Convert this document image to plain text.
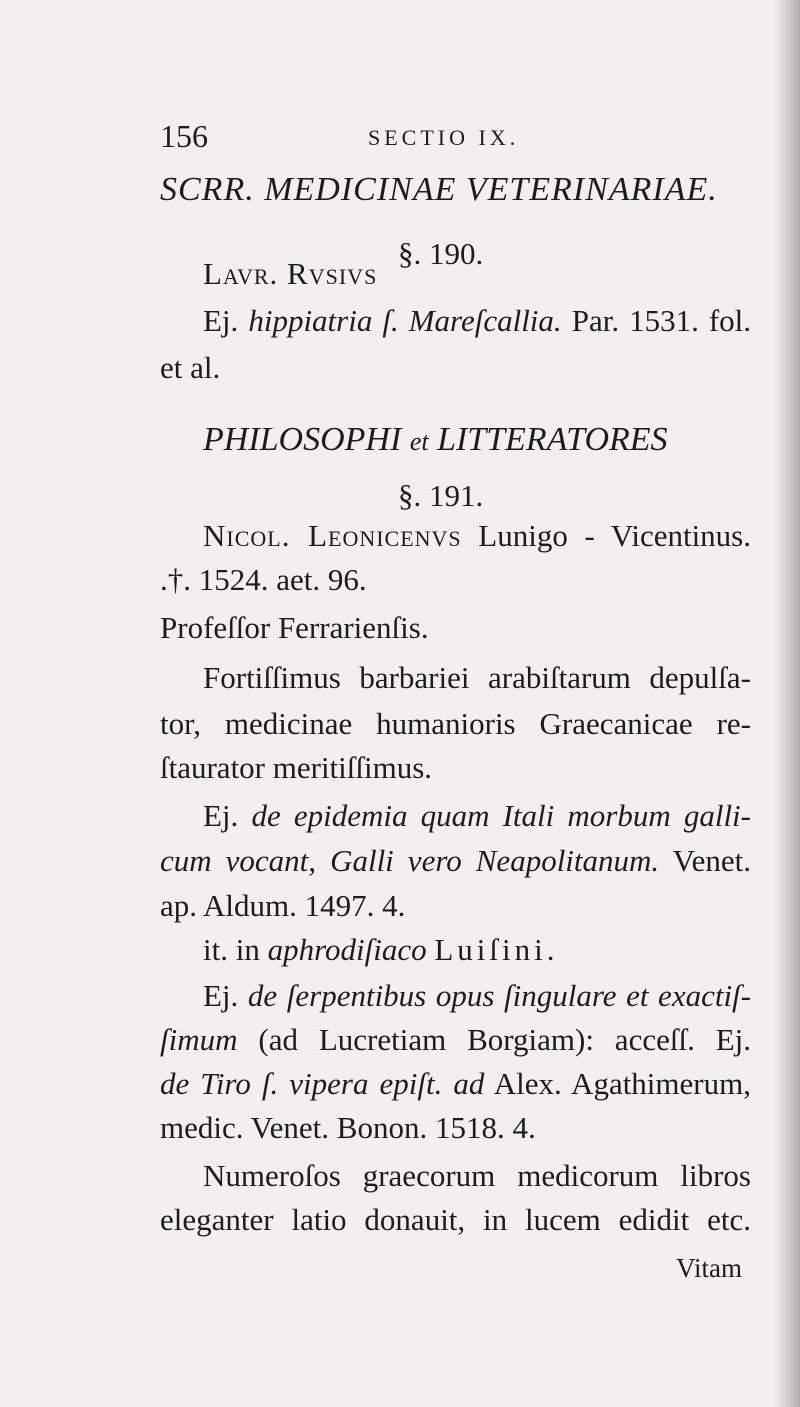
156	SECTIO IX.
SCRR. MEDICINAE VETERINARIAE.
§. 190.
Lavr. Rvsivs
Ej. hippiatria ſ. Mareſcallia. Par. 1531. fol.
et al.
PHILOSOPHI et LITTERATORES
§. 191.
Nicol. Leonicenvs Lunigo - Vicentinus.
.†. 1524. aet. 96.
Profeſſor Ferrarienſis.
Fortiſſimus barbariei arabiſtarum depulſa-
tor, medicinae humanioris Graecanicae re-
ſtaurator meritiſſimus.
Ej. de epidemia quam Itali morbum galli-
cum vocant, Galli vero Neapolitanum. Venet.
ap. Aldum. 1497. 4.
it. in aphrodiſiaco Luiſini.
Ej. de ſerpentibus opus ſingulare et exactiſ-
ſimum (ad Lucretiam Borgiam): acceſſ. Ej.
de Tiro ſ. vipera epiſt. ad Alex. Agathimerum,
medic. Venet. Bonon. 1518. 4.
Numeroſos graecorum medicorum libros
eleganter latio donauit, in lucem edidit etc.
Vitam
